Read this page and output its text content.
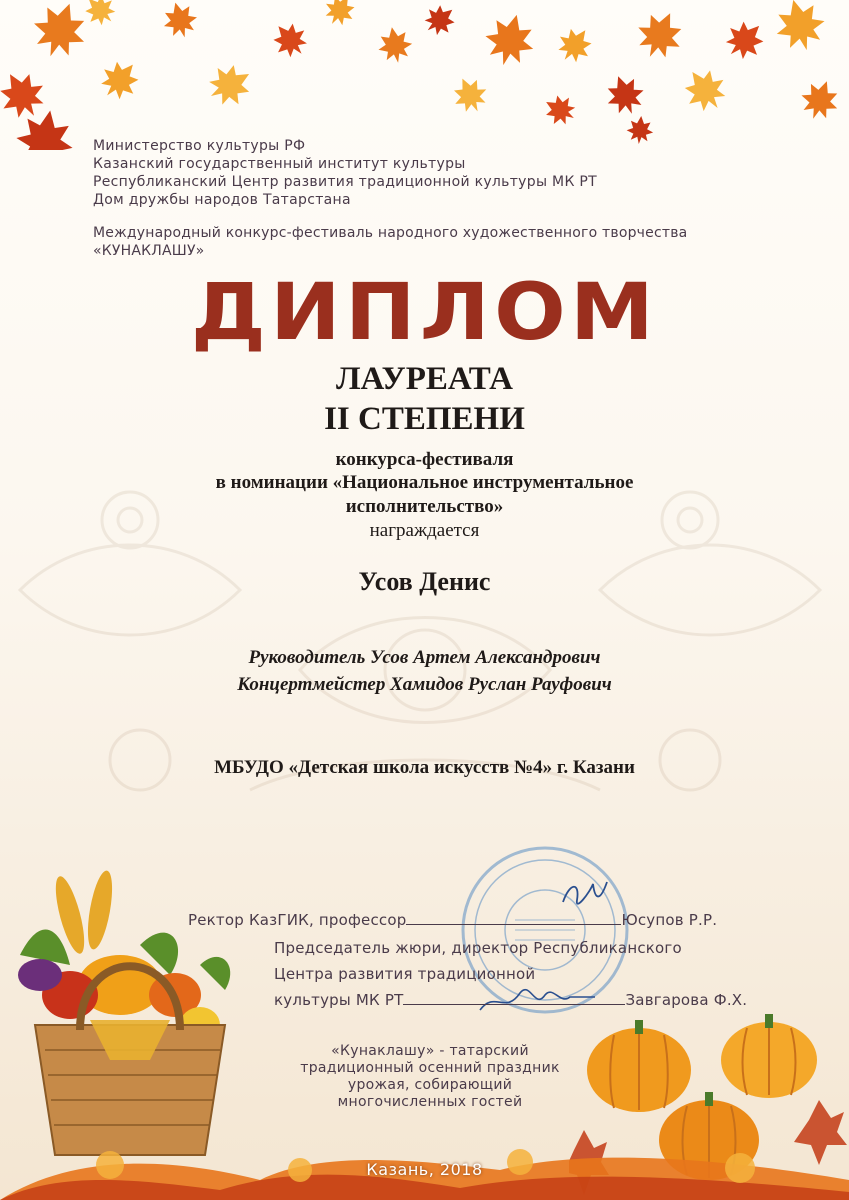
Министерство культуры РФ
Казанский государственный институт культуры
Республиканский Центр развития традиционной культуры МК РТ
Дом дружбы народов Татарстана
Международный конкурс-фестиваль народного художественного творчества
«КУНАКЛАШУ»
ДИПЛОМ
ЛАУРЕАТА
II СТЕПЕНИ
конкурса-фестиваля
в номинации «Национальное инструментальное
исполнительство»
награждается
Усов Денис
Руководитель Усов Артем Александрович
Концертмейстер Хамидов Руслан Рауфович
МБУДО «Детская школа искусств №4» г. Казани
Ректор КазГИК, профессор	Юсупов Р.Р.
Председатель жюри, директор Республиканского
Центра развития традиционной
культуры МК РТ	Завгарова Ф.Х.
«Кунаклашу» - татарский
традиционный осенний праздник
урожая, собирающий
многочисленных гостей
Казань, 2018
